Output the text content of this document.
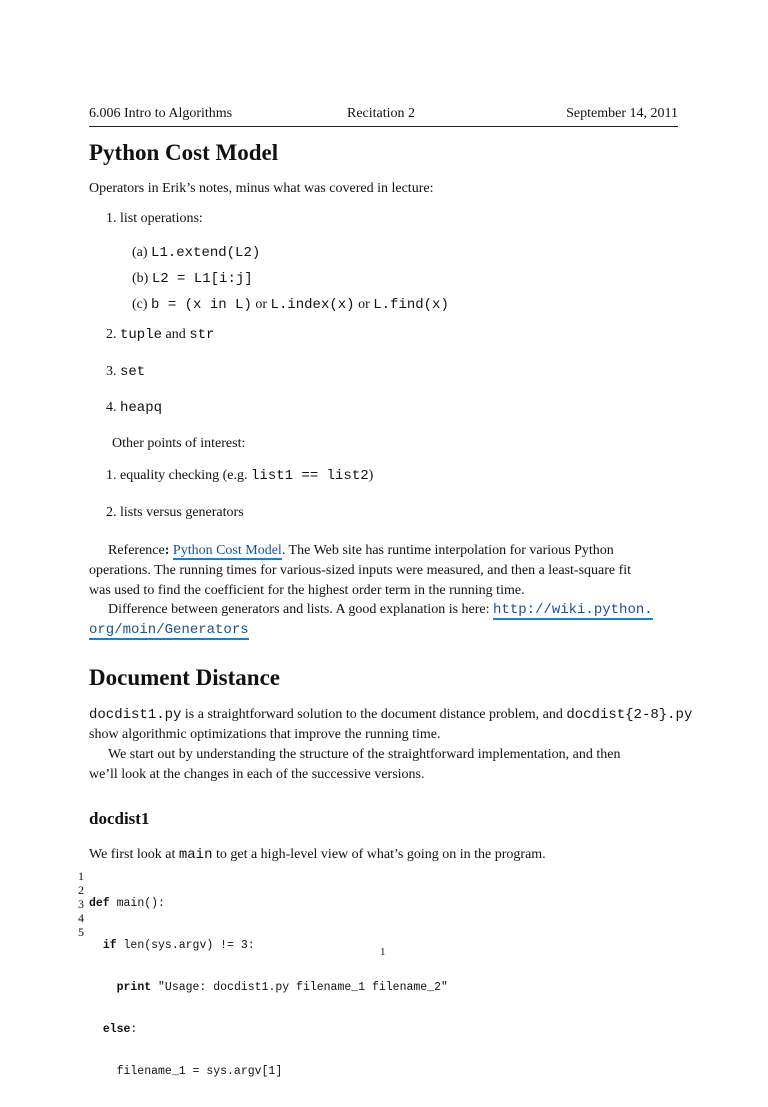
6.006 Intro to Algorithms	Recitation 2	September 14, 2011
Python Cost Model
Operators in Erik’s notes, minus what was covered in lecture:
1. list operations:
(a) L1.extend(L2)
(b) L2 = L1[i:j]
(c) b = (x in L) or L.index(x) or L.find(x)
2. tuple and str
3. set
4. heapq
Other points of interest:
1. equality checking (e.g. list1 == list2)
2. lists versus generators
Reference: Python Cost Model. The Web site has runtime interpolation for various Python
operations. The running times for various-sized inputs were measured, and then a least-square fit
was used to find the coefficient for the highest order term in the running time.
Difference between generators and lists. A good explanation is here: http://wiki.python.
org/moin/Generators
Document Distance
docdist1.py is a straightforward solution to the document distance problem, and docdist{2-8}.py
show algorithmic optimizations that improve the running time.
We start out by understanding the structure of the straightforward implementation, and then
we’ll look at the changes in each of the successive versions.
docdist1
We first look at main to get a high-level view of what’s going on in the program.
1
2
3
4
5

def main():

if len(sys.argv) != 3:

print "Usage: docdist1.py filename_1 filename_2"

else:

filename_1 = sys.argv[1]

1
